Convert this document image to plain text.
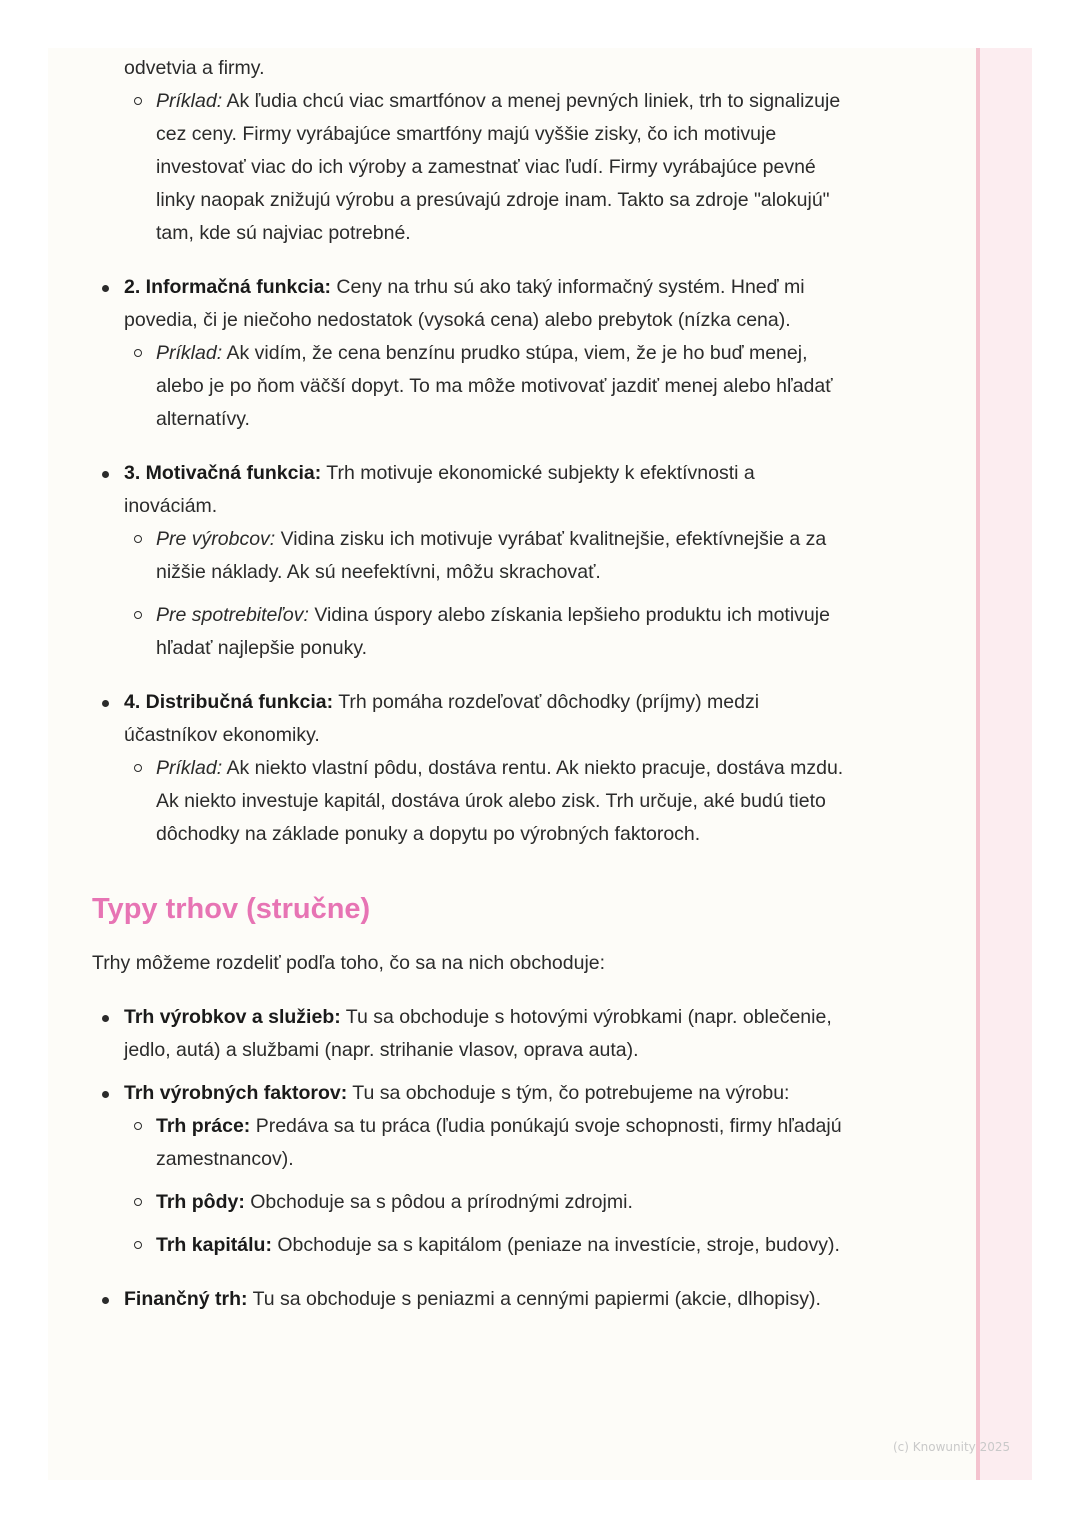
odvetvia a firmy.
Príklad: Ak ľudia chcú viac smartfónov a menej pevných liniek, trh to signalizuje cez ceny. Firmy vyrábajúce smartfóny majú vyššie zisky, čo ich motivuje investovať viac do ich výroby a zamestnať viac ľudí. Firmy vyrábajúce pevné linky naopak znižujú výrobu a presúvajú zdroje inam. Takto sa zdroje "alokujú" tam, kde sú najviac potrebné.
2. Informačná funkcia: Ceny na trhu sú ako taký informačný systém. Hneď mi povedia, či je niečoho nedostatok (vysoká cena) alebo prebytok (nízka cena).
Príklad: Ak vidím, že cena benzínu prudko stúpa, viem, že je ho buď menej, alebo je po ňom väčší dopyt. To ma môže motivovať jazdiť menej alebo hľadať alternatívy.
3. Motivačná funkcia: Trh motivuje ekonomické subjekty k efektívnosti a inováciám.
Pre výrobcov: Vidina zisku ich motivuje vyrábať kvalitnejšie, efektívnejšie a za nižšie náklady. Ak sú neefektívni, môžu skrachovať.
Pre spotrebiteľov: Vidina úspory alebo získania lepšieho produktu ich motivuje hľadať najlepšie ponuky.
4. Distribučná funkcia: Trh pomáha rozdeľovať dôchodky (príjmy) medzi účastníkov ekonomiky.
Príklad: Ak niekto vlastní pôdu, dostáva rentu. Ak niekto pracuje, dostáva mzdu. Ak niekto investuje kapitál, dostáva úrok alebo zisk. Trh určuje, aké budú tieto dôchodky na základe ponuky a dopytu po výrobných faktoroch.
Typy trhov (stručne)

Trhy môžeme rozdeliť podľa toho, čo sa na nich obchoduje:

Trh výrobkov a služieb: Tu sa obchoduje s hotovými výrobkami (napr. oblečenie, jedlo, autá) a službami (napr. strihanie vlasov, oprava auta).
Trh výrobných faktorov: Tu sa obchoduje s tým, čo potrebujeme na výrobu:
Trh práce: Predáva sa tu práca (ľudia ponúkajú svoje schopnosti, firmy hľadajú zamestnancov).
Trh pôdy: Obchoduje sa s pôdou a prírodnými zdrojmi.
Trh kapitálu: Obchoduje sa s kapitálom (peniaze na investície, stroje, budovy).
Finančný trh: Tu sa obchoduje s peniazmi a cennými papiermi (akcie, dlhopisy).
(c) Knowunity 2025
